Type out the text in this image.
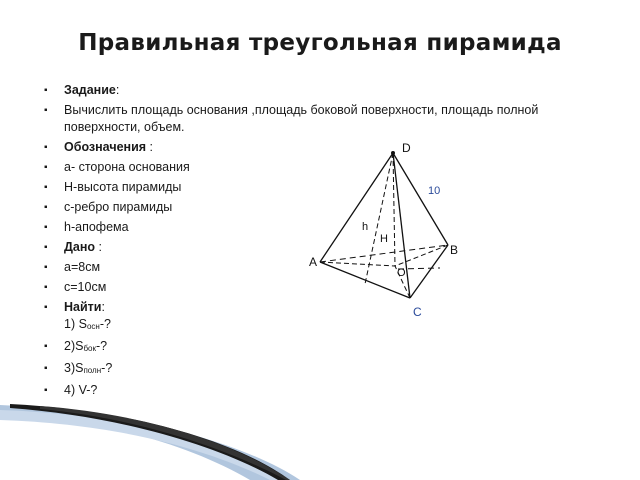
Правильная треугольная пирамида
▪ Задание:
▪ Вычислить площадь основания ,площадь боковой поверхности, площадь полной поверхности, объем.
▪ Обозначения :
▪ a- сторона основания
▪ H-высота пирамиды
▪ c-ребро пирамиды
▪ h-апофема
▪ Дано :
▪ a=8см
▪ c=10см
▪ Найти:
1) Sосн-?
▪ 2)Sбок-?
▪ 3)Sполн-?
▪ 4) V-?
D
A
B
C
O
H
h
10
